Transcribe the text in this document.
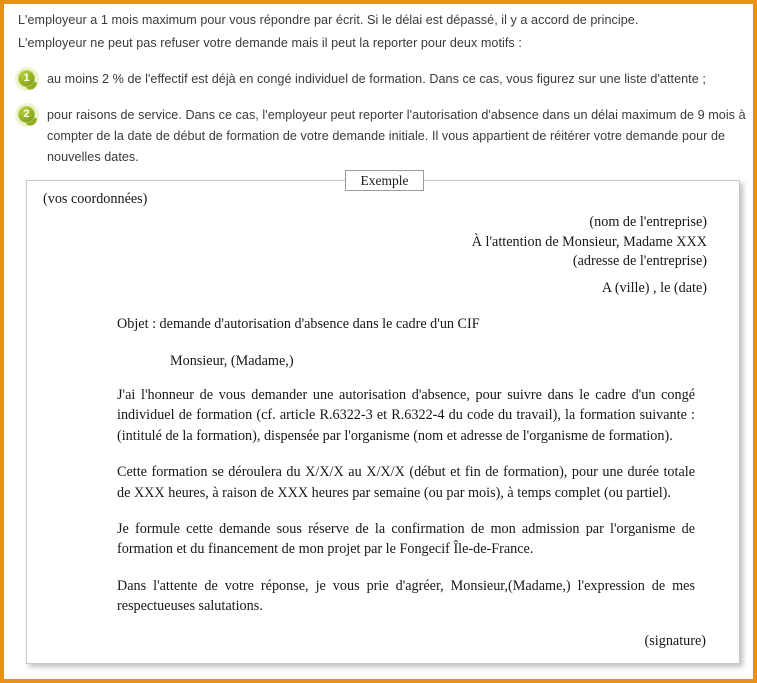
L'employeur a 1 mois maximum pour vous répondre par écrit. Si le délai est dépassé, il y a accord de principe.

L'employeur ne peut pas refuser votre demande mais il peut la reporter pour deux motifs :

1	au moins 2 % de l'effectif est déjà en congé individuel de formation. Dans ce cas, vous figurez sur une liste d'attente ;

2	pour raisons de service. Dans ce cas, l'employeur peut reporter l'autorisation d'absence dans un délai maximum de 9 mois à compter de la date de début de formation de votre demande initiale. Il vous appartient de réitérer votre demande pour de nouvelles dates.

Exemple
(vos coordonnées)
(nom de l'entreprise)
À l'attention de Monsieur, Madame XXX
(adresse de l'entreprise)
A (ville) , le (date)
Objet : demande d'autorisation d'absence dans le cadre d'un CIF
Monsieur, (Madame,)

J'ai l'honneur de vous demander une autorisation d'absence, pour suivre dans le cadre d'un congé individuel de formation (cf. article R.6322-3 et R.6322-4 du code du travail), la formation suivante : (intitulé de la formation), dispensée par l'organisme (nom et adresse de l'organisme de formation).

Cette formation se déroulera du X/X/X au X/X/X (début et fin de formation), pour une durée totale de XXX heures, à raison de XXX heures par semaine (ou par mois), à temps complet (ou partiel).

Je formule cette demande sous réserve de la confirmation de mon admission par l'organisme de formation et du financement de mon projet par le Fongecif Île-de-France.

Dans l'attente de votre réponse, je vous prie d'agréer, Monsieur,(Madame,) l'expression de mes respectueuses salutations.

(signature)
